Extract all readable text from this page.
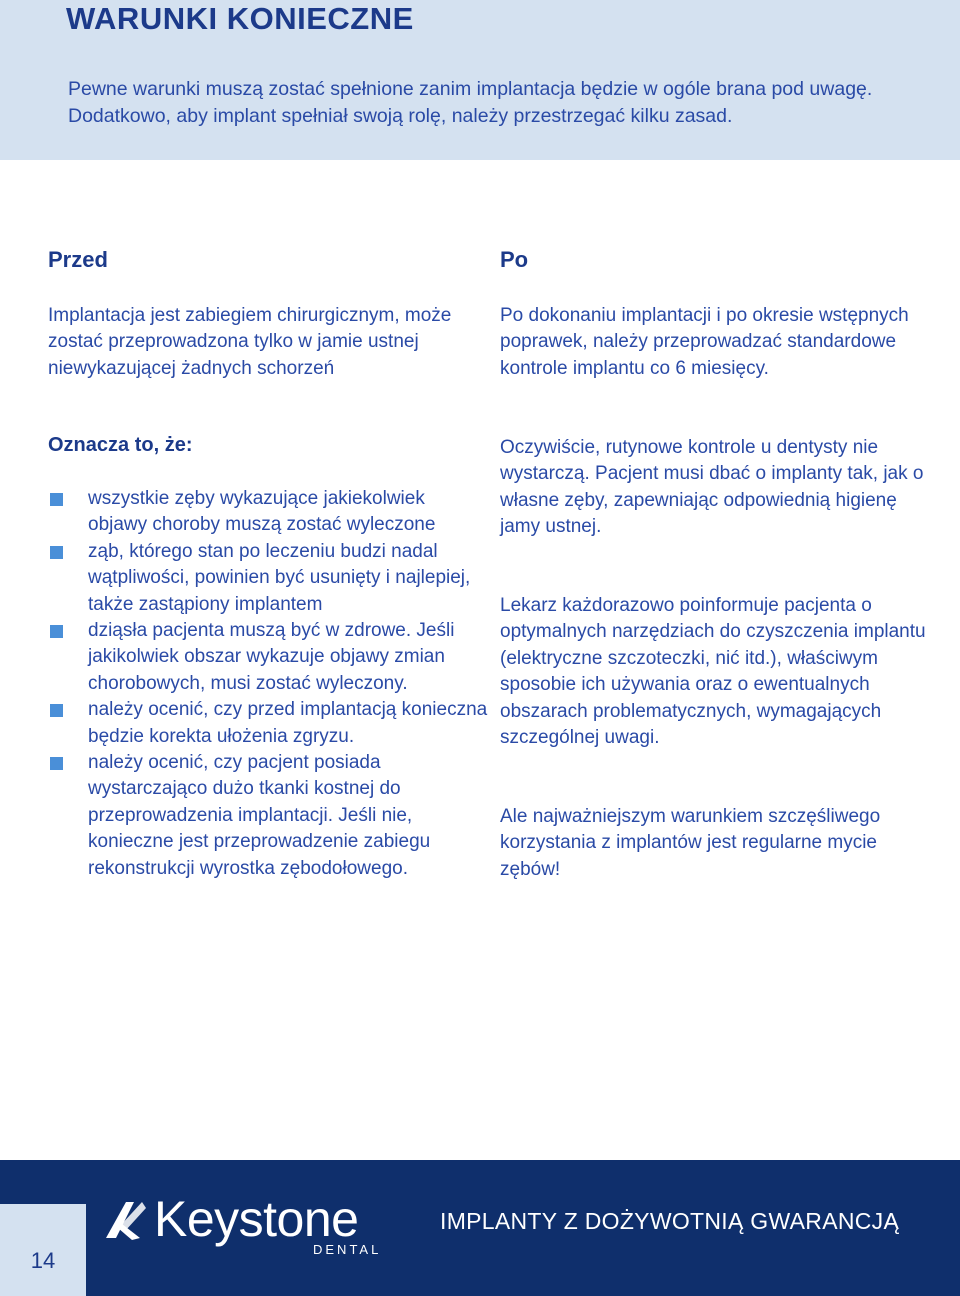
WARUNKI KONIECZNE

Pewne warunki muszą zostać spełnione zanim implantacja będzie w ogóle brana pod uwagę. Dodatkowo, aby implant spełniał swoją rolę, należy przestrzegać kilku zasad.

Przed

Implantacja jest zabiegiem chirurgicznym, może zostać przeprowadzona tylko w jamie ustnej niewykazującej żadnych schorzeń

Oznacza to, że:
wszystkie zęby wykazujące jakiekolwiek objawy choroby muszą zostać wyleczone
ząb, którego stan po leczeniu budzi nadal wątpliwości, powinien być usunięty i najlepiej, także zastąpiony implantem
dziąsła pacjenta muszą być w zdrowe. Jeśli jakikolwiek obszar wykazuje objawy zmian chorobowych, musi zostać wyleczony.
należy ocenić, czy przed implantacją konieczna będzie korekta ułożenia zgryzu.
należy ocenić, czy pacjent posiada wystarczająco dużo tkanki kostnej do przeprowadzenia implantacji. Jeśli nie, konieczne jest przeprowadzenie zabiegu rekonstrukcji wyrostka zębodołowego.
Po

Po dokonaniu implantacji i po okresie wstępnych poprawek, należy przeprowadzać standardowe kontrole implantu co 6 miesięcy.

Oczywiście, rutynowe kontrole u dentysty nie wystarczą. Pacjent musi dbać o implanty tak, jak o własne zęby, zapewniając odpowiednią higienę jamy ustnej.

Lekarz każdorazowo poinformuje pacjenta o optymalnych narzędziach do czyszczenia implantu (elektryczne szczoteczki, nić itd.), właściwym sposobie ich używania oraz o ewentualnych obszarach problematycznych, wymagających szczególnej uwagi.

Ale najważniejszym warunkiem szczęśliwego korzystania z implantów jest regularne mycie zębów!

14
Keystone
DENTAL
IMPLANTY Z DOŻYWOTNIĄ GWARANCJĄ
